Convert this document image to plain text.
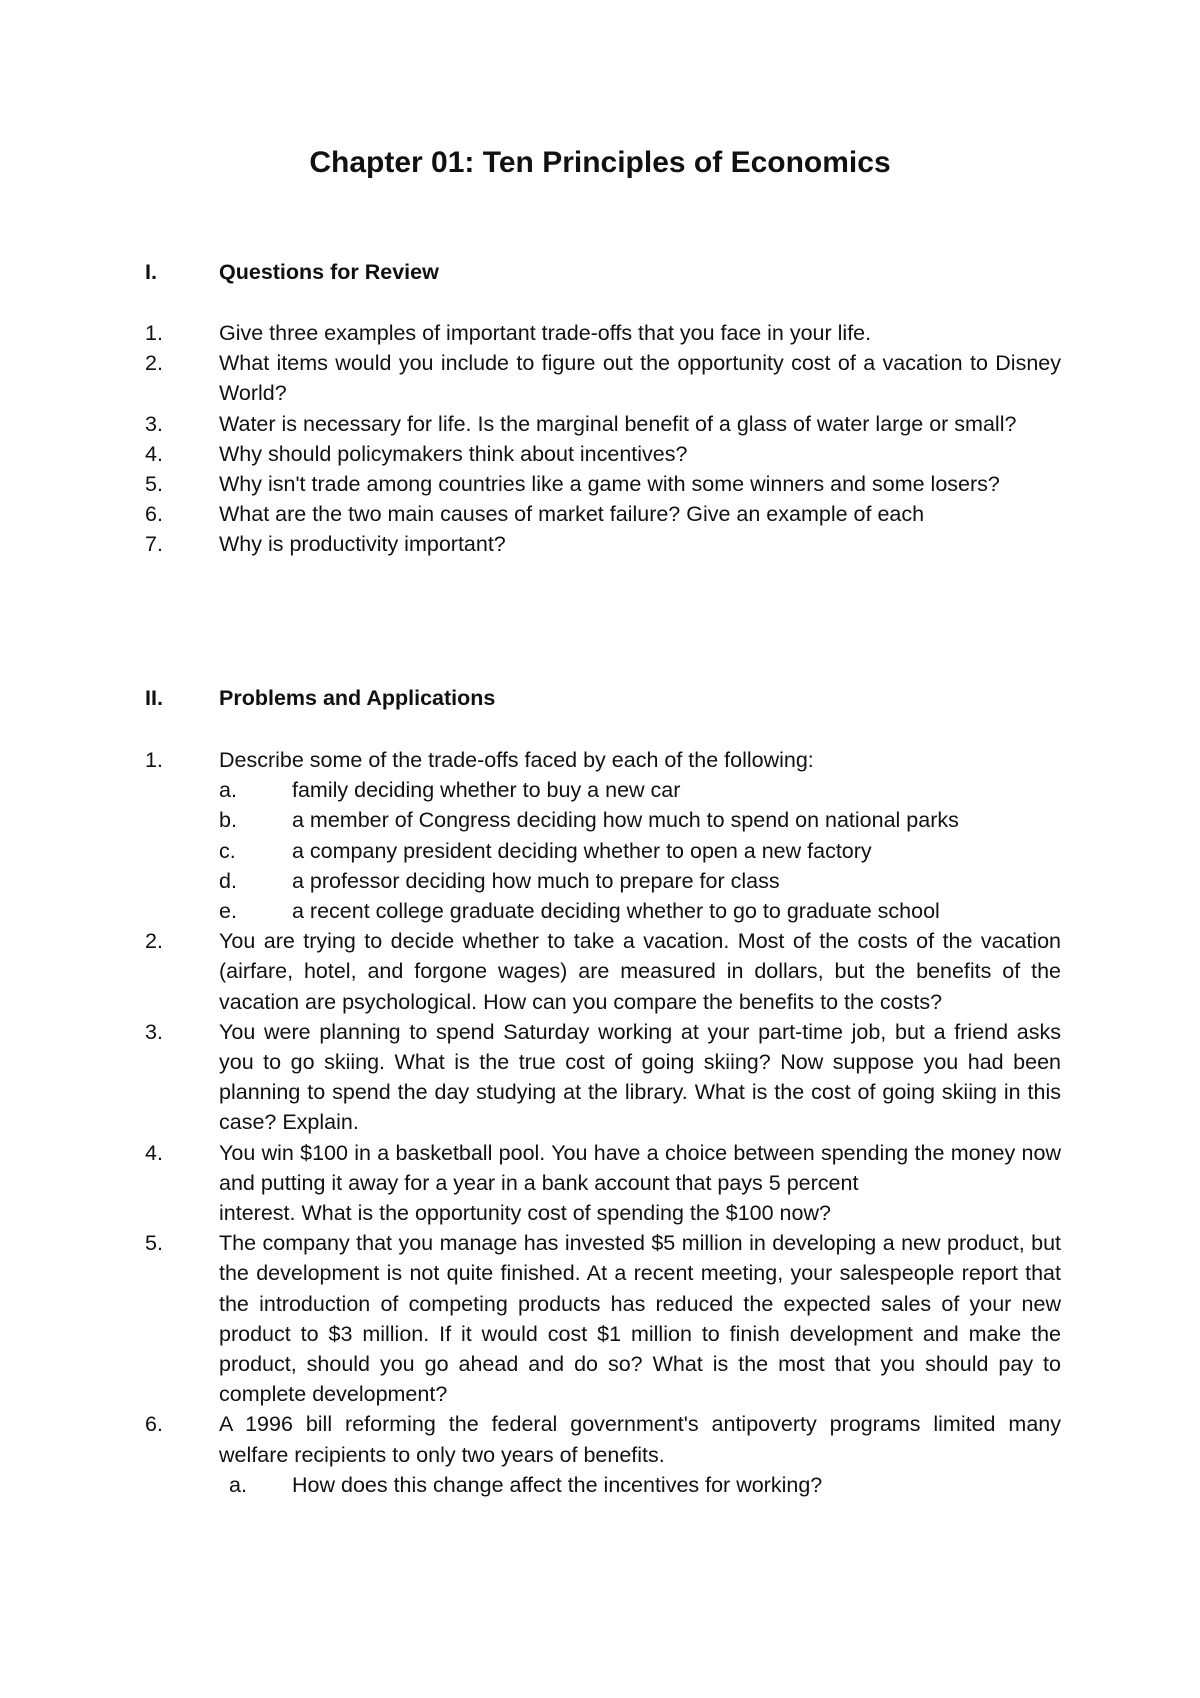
Chapter 01: Ten Principles of Economics
I.	Questions for Review
1.	Give three examples of important trade-offs that you face in your life.
2.	What items would you include to figure out the opportunity cost of a vacation to Disney World?
3.	Water is necessary for life. Is the marginal benefit of a glass of water large or small?
4.	Why should policymakers think about incentives?
5.	Why isn't trade among countries like a game with some winners and some losers?
6.	What are the two main causes of market failure? Give an example of each
7.	Why is productivity important?
II.	Problems and Applications
1.	Describe some of the trade-offs faced by each of the following:
a.	family deciding whether to buy a new car
b.	a member of Congress deciding how much to spend on national parks
c.	a company president deciding whether to open a new factory
d.	a professor deciding how much to prepare for class
e.	a recent college graduate deciding whether to go to graduate school
2.	You are trying to decide whether to take a vacation. Most of the costs of the vacation (airfare, hotel, and forgone wages) are measured in dollars, but the benefits of the vacation are psychological. How can you compare the benefits to the costs?
3.	You were planning to spend Saturday working at your part-time job, but a friend asks you to go skiing. What is the true cost of going skiing? Now suppose you had been planning to spend the day studying at the library. What is the cost of going skiing in this case? Explain.
4.	You win $100 in a basketball pool. You have a choice between spending the money now and putting it away for a year in a bank account that pays 5 percent
interest. What is the opportunity cost of spending the $100 now?
5.	The company that you manage has invested $5 million in developing a new product, but the development is not quite finished. At a recent meeting, your salespeople report that the introduction of competing products has reduced the expected sales of your new product to $3 million. If it would cost $1 million to finish development and make the product, should you go ahead and do so? What is the most that you should pay to complete development?
6.	A 1996 bill reforming the federal government's antipoverty programs limited many welfare recipients to only two years of benefits.
a.	How does this change affect the incentives for working?
